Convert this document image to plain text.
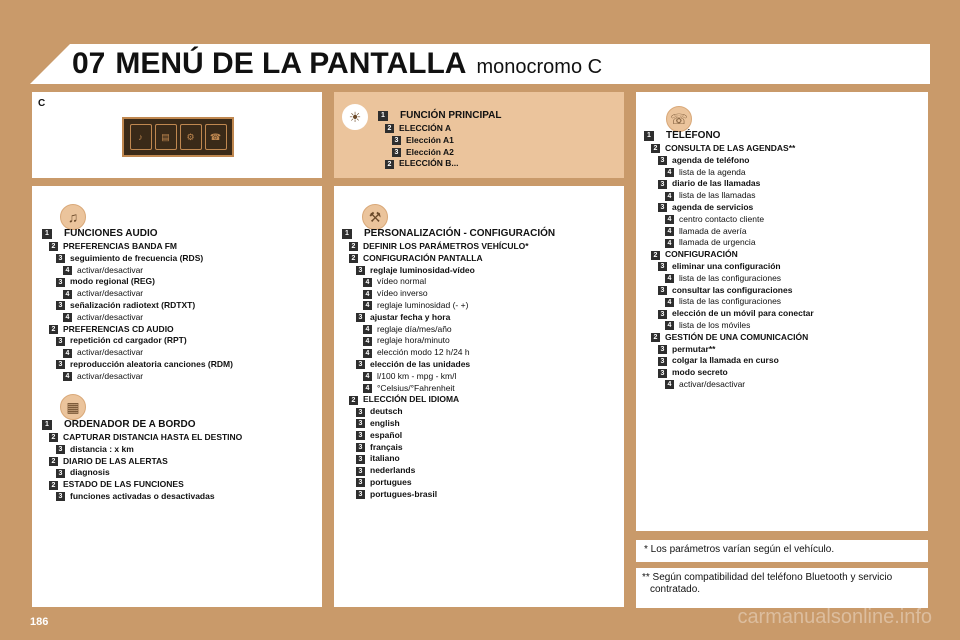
07 MENÚ DE LA PANTALLA monocromo C
C
♪	▤	⚙	☎
☀	1	FUNCIÓN PRINCIPAL
2 ELECCIÓN A
3 Elección A1
3 Elección A2
2 ELECCIÓN B...
♫
1	FUNCIONES AUDIO
2 PREFERENCIAS BANDA FM
3 seguimiento de frecuencia (RDS)
4 activar/desactivar
3 modo regional (REG)
4 activar/desactivar
3 señalización radiotext (RDTXT)
4 activar/desactivar
2 PREFERENCIAS CD AUDIO
3 repetición cd cargador (RPT)
4 activar/desactivar
3 reproducción aleatoria canciones (RDM)
4 activar/desactivar
▦
1	ORDENADOR DE A BORDO
2 CAPTURAR DISTANCIA HASTA EL DESTINO
3 distancia : x km
2 DIARIO DE LAS ALERTAS
3 diagnosis
2 ESTADO DE LAS FUNCIONES
3 funciones activadas o desactivadas
⚒
1	PERSONALIZACIÓN - CONFIGURACIÓN
2 DEFINIR LOS PARÁMETROS VEHÍCULO*
2 CONFIGURACIÓN PANTALLA
3 reglaje luminosidad-vídeo
4 vídeo normal
4 vídeo inverso
4 reglaje luminosidad (- +)
3 ajustar fecha y hora
4 reglaje día/mes/año
4 reglaje hora/minuto
4 elección modo 12 h/24 h
3 elección de las unidades
4 l/100 km - mpg - km/l
4 °Celsius/°Fahrenheit
2 ELECCIÓN DEL IDIOMA
3 deutsch
3 english
3 español
3 français
3 italiano
3 nederlands
3 portugues
3 portugues-brasil
☏
1	TELÉFONO
2 CONSULTA DE LAS AGENDAS**
3 agenda de teléfono
4 lista de la agenda
3 diario de las llamadas
4 lista de las llamadas
3 agenda de servicios
4 centro contacto cliente
4 llamada de avería
4 llamada de urgencia
2 CONFIGURACIÓN
3 eliminar una configuración
4 lista de las configuraciones
3 consultar las configuraciones
4 lista de las configuraciones
3 elección de un móvil para conectar
4 lista de los móviles
2 GESTIÓN DE UNA COMUNICACIÓN
3 permutar**
3 colgar la llamada en curso
3 modo secreto
4 activar/desactivar
* Los parámetros varían según el vehículo.
** Según compatibilidad del teléfono Bluetooth y servicio contratado.
186	carmanualsonline.info
